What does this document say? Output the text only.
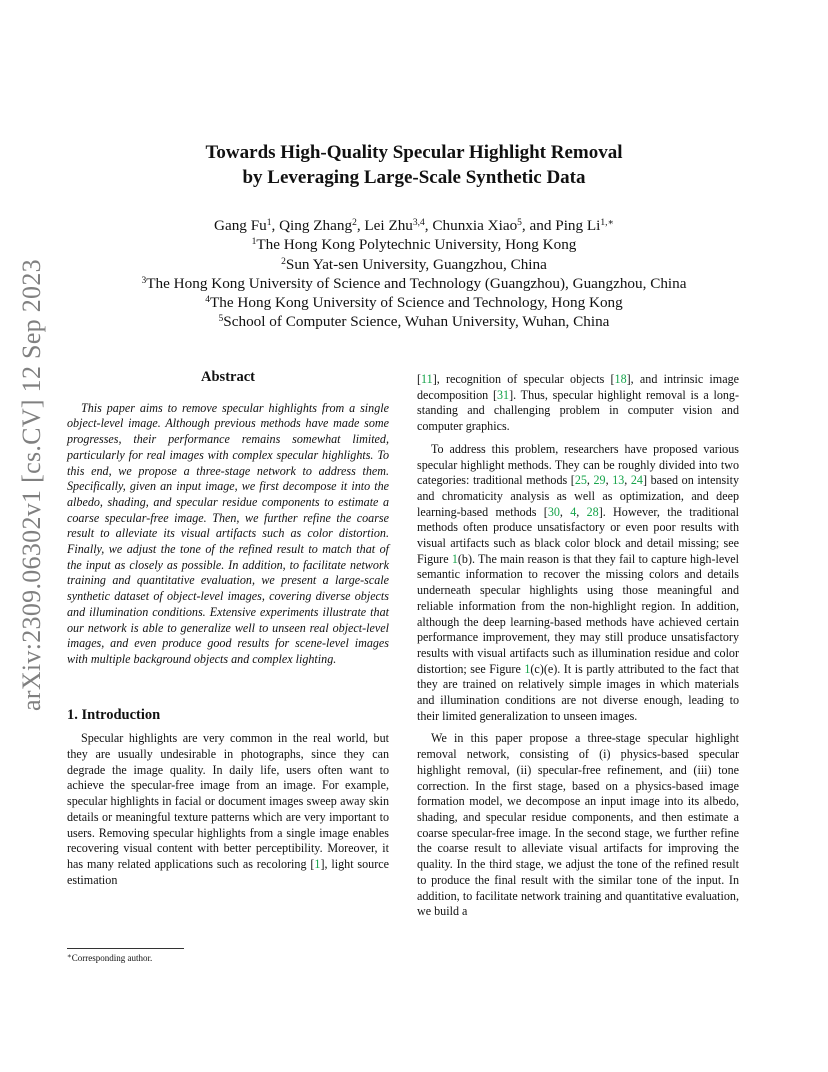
arXiv:2309.06302v1 [cs.CV] 12 Sep 2023
Towards High-Quality Specular Highlight Removal
by Leveraging Large-Scale Synthetic Data
Gang Fu$^1$, Qing Zhang$^2$, Lei Zhu$^{3,4}$, Chunxia Xiao$^5$, and Ping $Li^{1,∗}$
$^1$The Hong Kong Polytechnic University, Hong Kong
$^2$Sun Yat-sen University, Guangzhou, China
$^3$The Hong Kong University of Science and Technology (Guangzhou), Guangzhou, China
$^4$The Hong Kong University of Science and Technology, Hong Kong
$^5$School of Computer Science, Wuhan University, Wuhan, China
Abstract

This paper aims to remove specular highlights from a single object-level image. Although previous methods have made some progresses, their performance remains somewhat limited, particularly for real images with complex specular highlights. To this end, we propose a three-stage network to address them. Specifically, given an input image, we first decompose it into the albedo, shading, and specular residue components to estimate a coarse specular-free image. Then, we further refine the coarse result to alleviate its visual artifacts such as color distortion. Finally, we adjust the tone of the refined result to match that of the input as closely as possible. In addition, to facilitate network training and quantitative evaluation, we present a large-scale synthetic dataset of object-level images, covering diverse objects and illumination conditions. Extensive experiments illustrate that our network is able to generalize well to unseen real object-level images, and even produce good results for scene-level images with multiple background objects and complex lighting.

1. Introduction

Specular highlights are very common in the real world, but they are usually undesirable in photographs, since they can degrade the image quality. In daily life, users often want to achieve the specular-free image from an image. For example, specular highlights in facial or document images sweep away skin details or meaningful texture patterns which are very important to users. Removing specular highlights from a single image enables recovering visual content with better perceptibility. Moreover, it has many related applications such as recoloring [1], light source estimation

[11], recognition of specular objects [18], and intrinsic image decomposition [31]. Thus, specular highlight removal is a long-standing and challenging problem in computer vision and computer graphics.

To address this problem, researchers have proposed various specular highlight methods. They can be roughly divided into two categories: traditional methods [25, 29, 13, 24] based on intensity and chromaticity analysis as well as optimization, and deep learning-based methods [30, 4, 28]. However, the traditional methods often produce unsatisfactory or even poor results with visual artifacts such as black color block and detail missing; see Figure 1(b). The main reason is that they fail to capture high-level semantic information to recover the missing colors and details underneath specular highlights using those meaningful and reliable information from the non-highlight region. In addition, although the deep learning-based methods have achieved certain performance improvement, they may still produce unsatisfactory results with visual artifacts such as illumination residue and color distortion; see Figure 1(c)(e). It is partly attributed to the fact that they are trained on relatively simple images in which materials and illumination conditions are not diverse enough, leading to their limited generalization to unseen images.

We in this paper propose a three-stage specular highlight removal network, consisting of (i) physics-based specular highlight removal, (ii) specular-free refinement, and (iii) tone correction. In the first stage, based on a physics-based image formation model, we decompose an input image into its albedo, shading, and specular residue components, and then estimate a coarse specular-free image. In the second stage, we further refine the coarse result to alleviate visual artifacts for improving the quality. In the third stage, we adjust the tone of the refined result to produce the final result with the similar tone of the input. In addition, to facilitate network training and quantitative evaluation, we build a

∗Corresponding author.
